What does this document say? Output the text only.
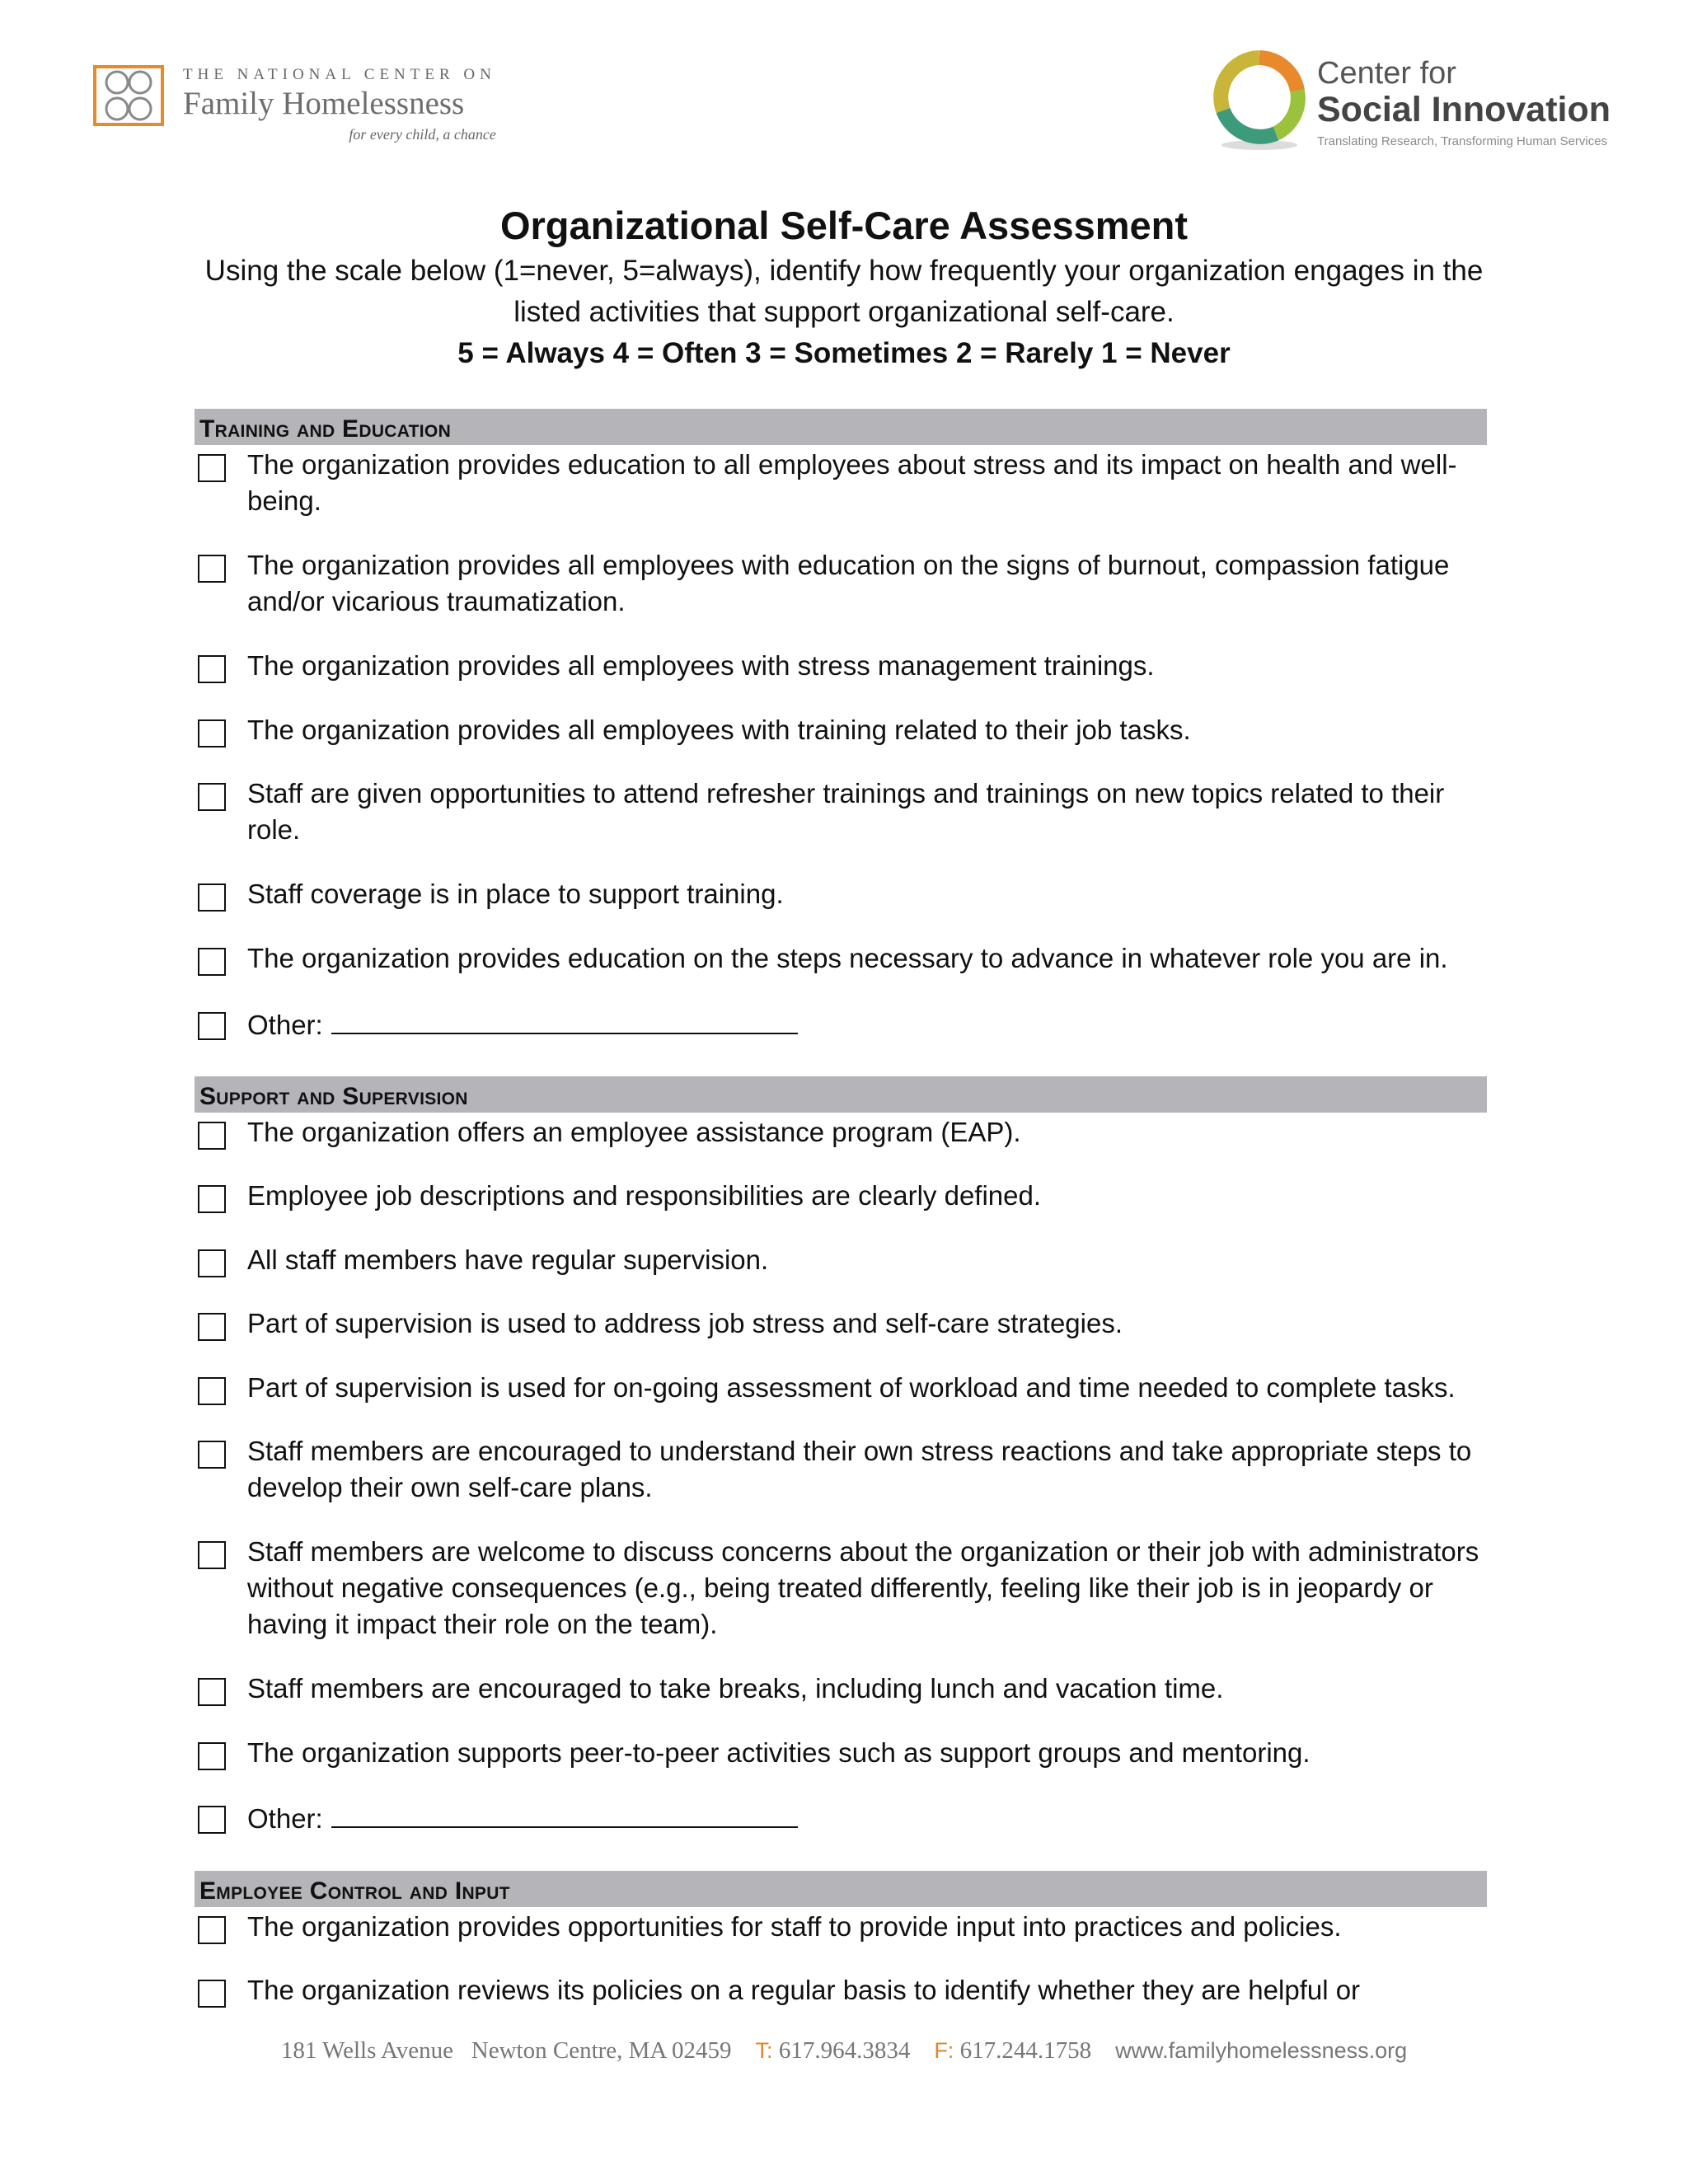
THE NATIONAL CENTER ON
Family Homelessness
for every child, a chance
Center for
Social Innovation
Translating Research, Transforming Human Services
Organizational Self-Care Assessment
Using the scale below (1=never, 5=always), identify how frequently your organization engages in the listed activities that support organizational self-care.
5 = Always 4 = Often 3 = Sometimes 2 = Rarely 1 = Never
Training and Education
The organization provides education to all employees about stress and its impact on health and well-being.
The organization provides all employees with education on the signs of burnout, compassion fatigue and/or vicarious traumatization.
The organization provides all employees with stress management trainings.
The organization provides all employees with training related to their job tasks.
Staff are given opportunities to attend refresher trainings and trainings on new topics related to their role.
Staff coverage is in place to support training.
The organization provides education on the steps necessary to advance in whatever role you are in.
Other:
Support and Supervision
The organization offers an employee assistance program (EAP).
Employee job descriptions and responsibilities are clearly defined.
All staff members have regular supervision.
Part of supervision is used to address job stress and self-care strategies.
Part of supervision is used for on-going assessment of workload and time needed to complete tasks.
Staff members are encouraged to understand their own stress reactions and take appropriate steps to develop their own self-care plans.
Staff members are welcome to discuss concerns about the organization or their job with administrators without negative consequences (e.g., being treated differently, feeling like their job is in jeopardy or having it impact their role on the team).
Staff members are encouraged to take breaks, including lunch and vacation time.
The organization supports peer-to-peer activities such as support groups and mentoring.
Other:
Employee Control and Input
The organization provides opportunities for staff to provide input into practices and policies.
The organization reviews its policies on a regular basis to identify whether they are helpful or
181 Wells Avenue   Newton Centre, MA 02459 T: 617.964.3834 F: 617.244.1758 www.familyhomelessness.org
